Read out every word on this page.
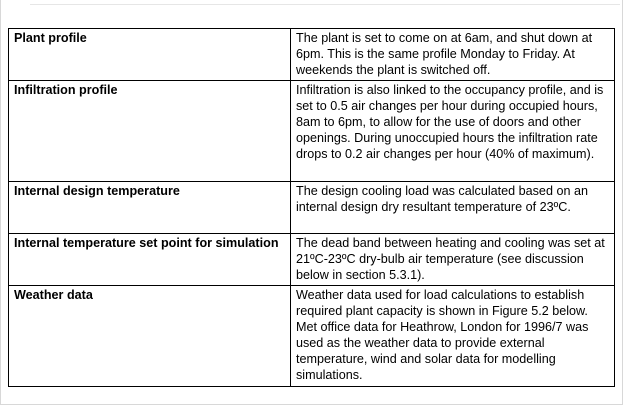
Plant profile	The plant is set to come on at 6am, and shut down at 6pm. This is the same profile Monday to Friday. At weekends the plant is switched off.
Infiltration profile	Infiltration is also linked to the occupancy profile, and is set to 0.5 air changes per hour during occupied hours, 8am to 6pm, to allow for the use of doors and other openings. During unoccupied hours the infiltration rate drops to 0.2 air changes per hour (40% of maximum).
Internal design temperature	The design cooling load was calculated based on an internal design dry resultant temperature of 23ºC.
Internal temperature set point for simulation	The dead band between heating and cooling was set at 21ºC-23ºC dry-bulb air temperature (see discussion below in section 5.3.1).
Weather data	Weather data used for load calculations to establish required plant capacity is shown in Figure 5.2 below. Met office data for Heathrow, London for 1996/7 was used as the weather data to provide external temperature, wind and solar data for modelling simulations.
